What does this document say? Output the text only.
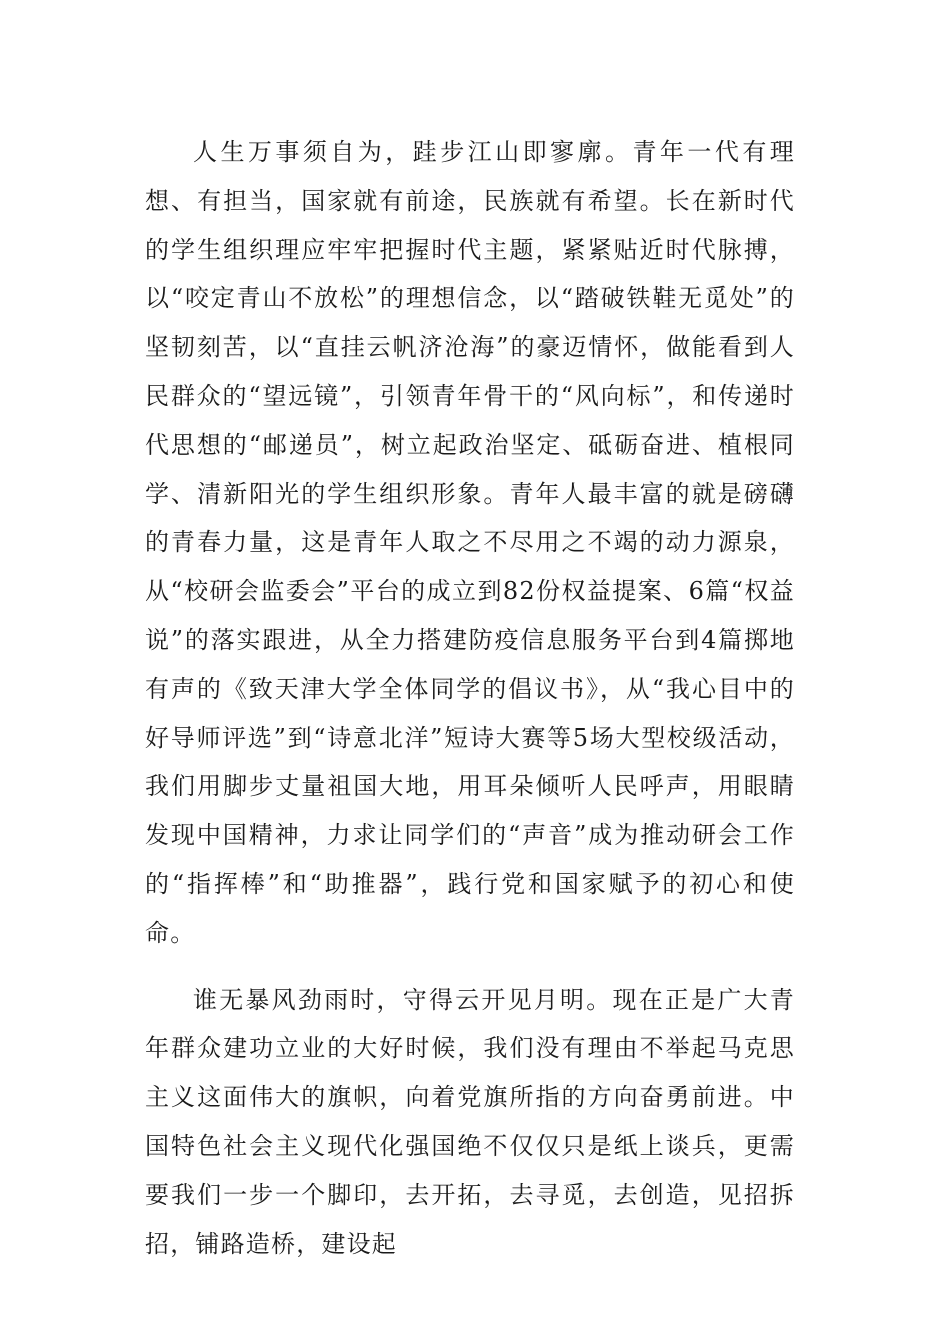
人生万事须自为，跬步江山即寥廓。青年一代有理想、有担当，国家就有前途，民族就有希望。长在新时代的学生组织理应牢牢把握时代主题，紧紧贴近时代脉搏，以“咬定青山不放松”的理想信念，以“踏破铁鞋无觅处”的坚韧刻苦，以“直挂云帆济沧海”的豪迈情怀，做能看到人民群众的“望远镜”，引领青年骨干的“风向标”，和传递时代思想的“邮递员”，树立起政治坚定、砥砺奋进、植根同学、清新阳光的学生组织形象。青年人最丰富的就是磅礴的青春力量，这是青年人取之不尽用之不竭的动力源泉，从“校研会监委会”平台的成立到82份权益提案、6篇“权益说”的落实跟进，从全力搭建防疫信息服务平台到4篇掷地有声的《致天津大学全体同学的倡议书》，从“我心目中的好导师评选”到“诗意北洋”短诗大赛等5场大型校级活动，我们用脚步丈量祖国大地，用耳朵倾听人民呼声，用眼睛发现中国精神，力求让同学们的“声音”成为推动研会工作的“指挥棒”和“助推器”，践行党和国家赋予的初心和使命。

谁无暴风劲雨时，守得云开见月明。现在正是广大青年群众建功立业的大好时候，我们没有理由不举起马克思主义这面伟大的旗帜，向着党旗所指的方向奋勇前进。中国特色社会主义现代化强国绝不仅仅只是纸上谈兵，更需要我们一步一个脚印，去开拓，去寻觅，去创造，见招拆招，铺路造桥，建设起
